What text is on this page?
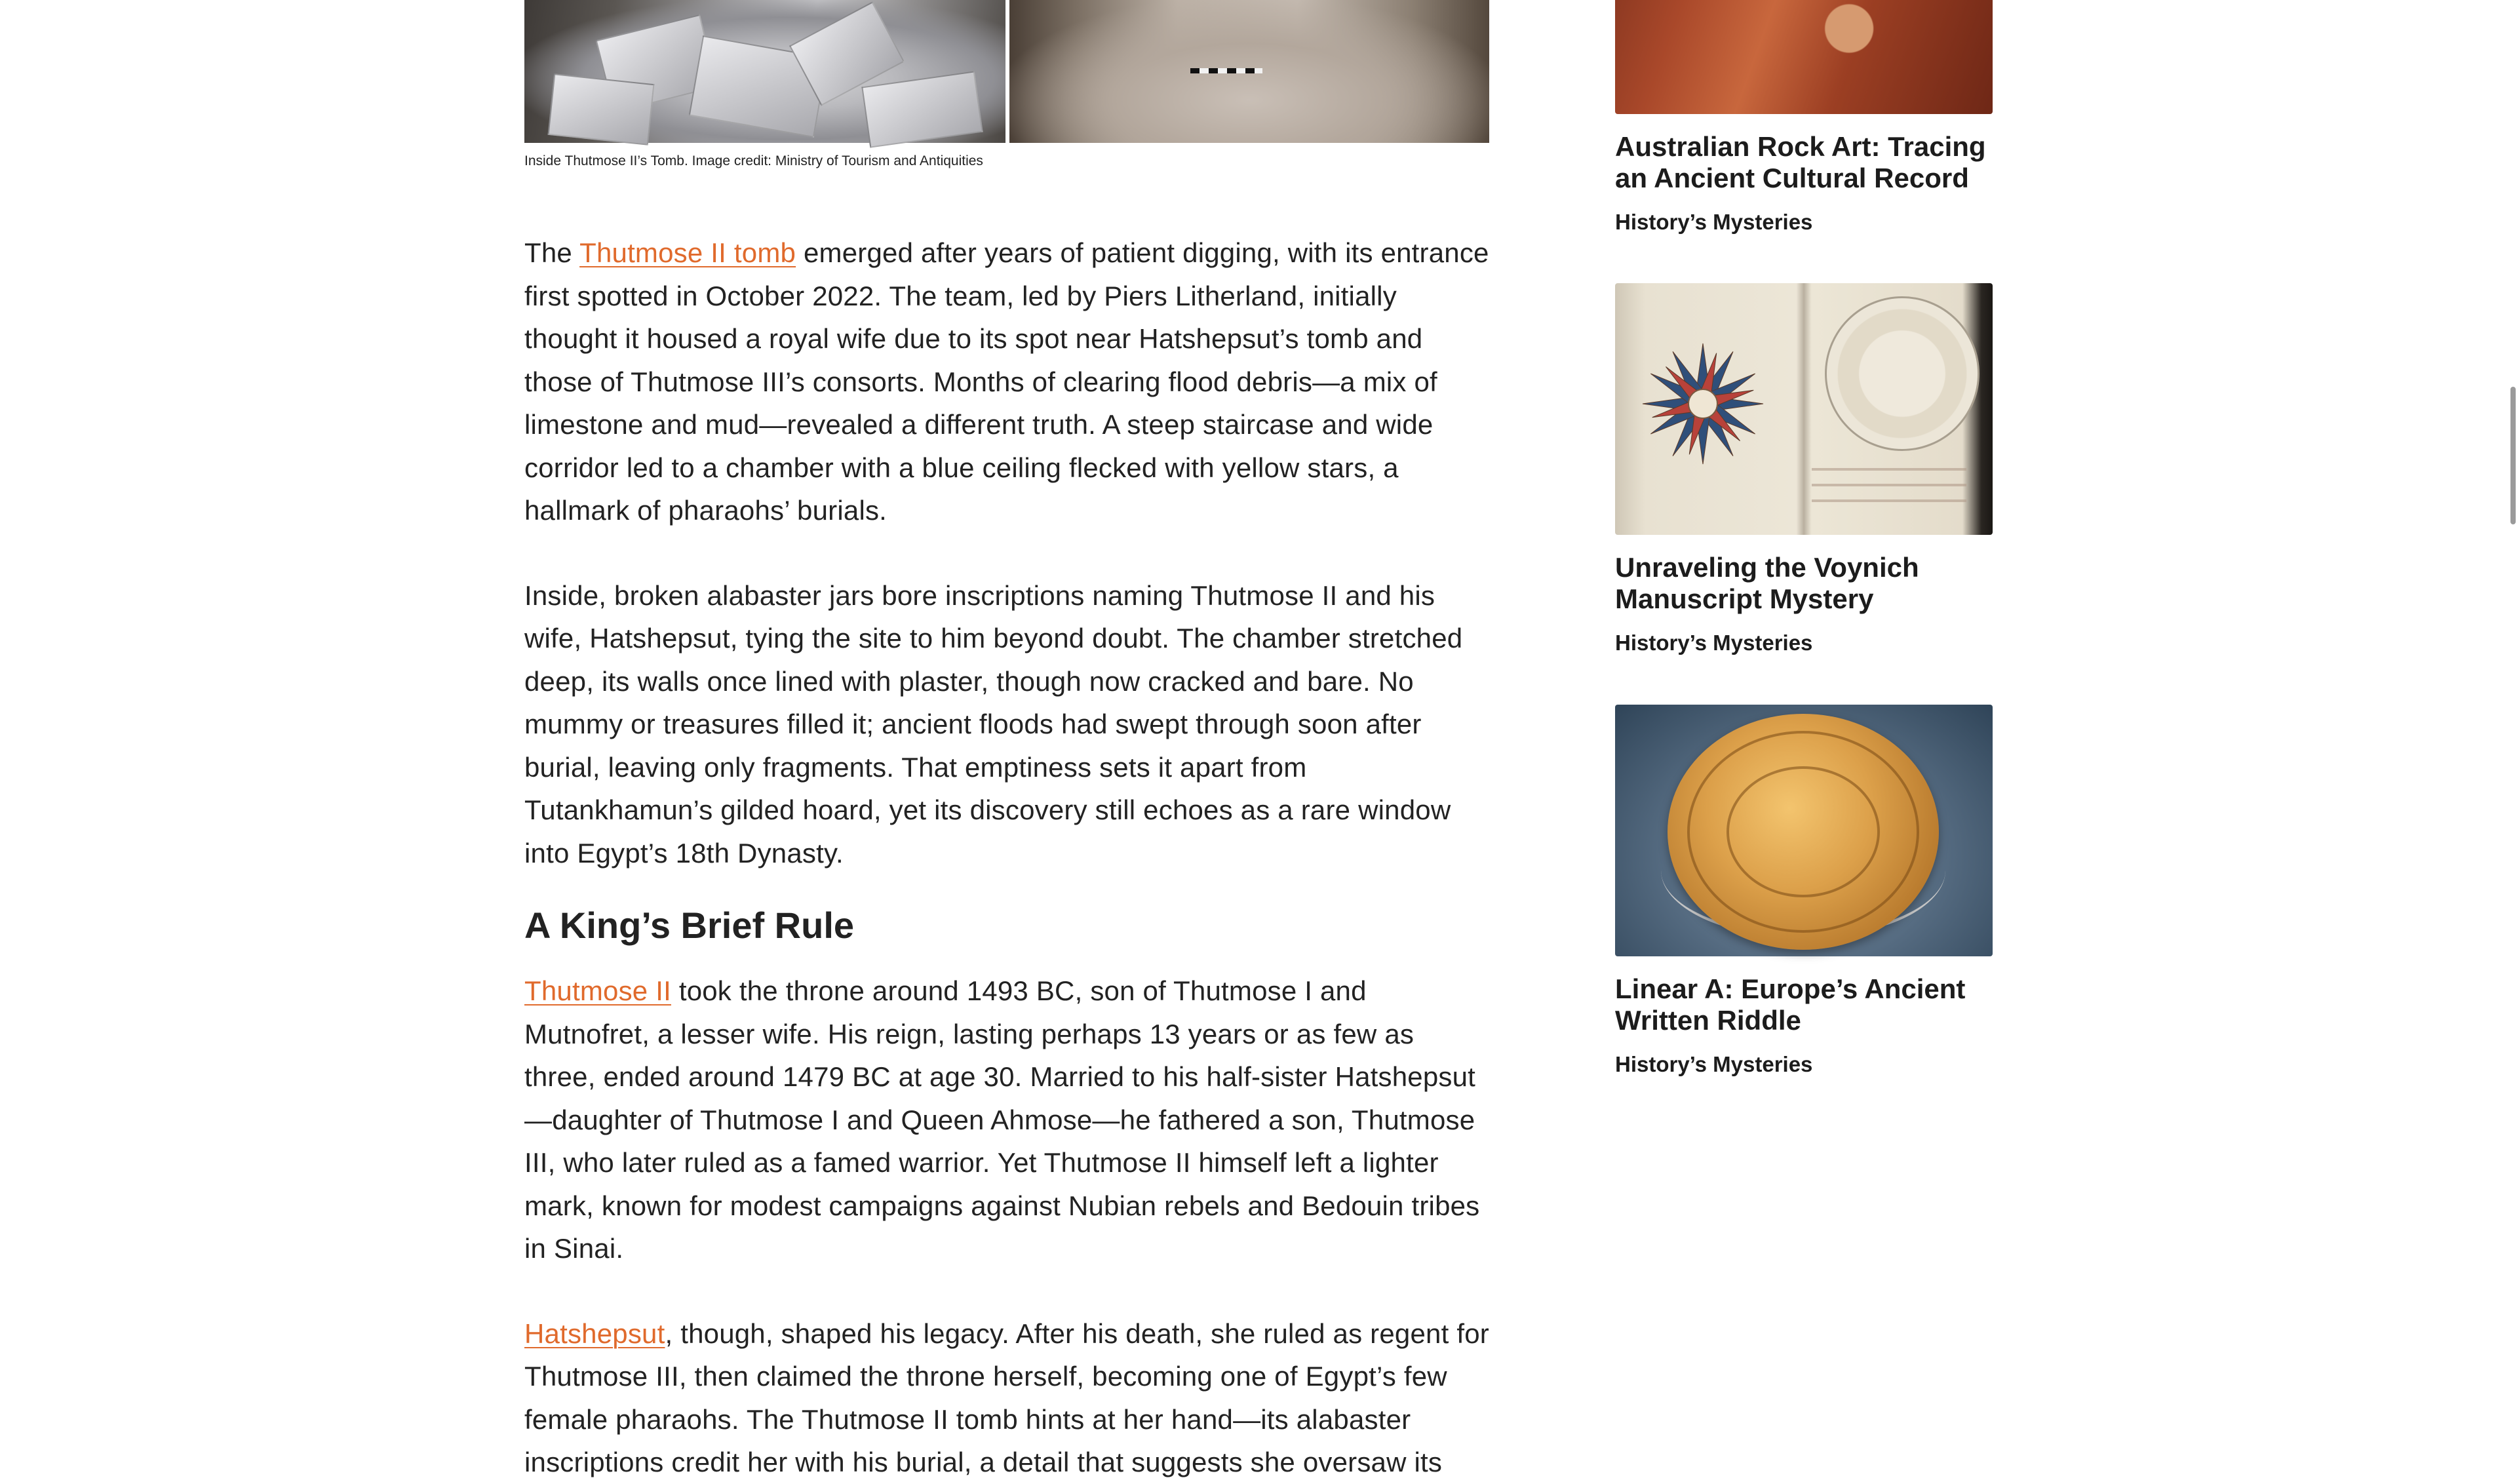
Inside Thutmose II’s Tomb. Image credit: Ministry of Tourism and Antiquities

The Thutmose II tomb emerged after years of patient digging, with its entrance first spotted in October 2022. The team, led by Piers Litherland, initially thought it housed a royal wife due to its spot near Hatshepsut’s tomb and those of Thutmose III’s consorts. Months of clearing flood debris—a mix of limestone and mud—revealed a different truth. A steep staircase and wide corridor led to a chamber with a blue ceiling flecked with yellow stars, a hallmark of pharaohs’ burials.

Inside, broken alabaster jars bore inscriptions naming Thutmose II and his wife, Hatshepsut, tying the site to him beyond doubt. The chamber stretched deep, its walls once lined with plaster, though now cracked and bare. No mummy or treasures filled it; ancient floods had swept through soon after burial, leaving only fragments. That emptiness sets it apart from Tutankhamun’s gilded hoard, yet its discovery still echoes as a rare window into Egypt’s 18th Dynasty.

A King’s Brief Rule

Thutmose II took the throne around 1493 BC, son of Thutmose I and Mutnofret, a lesser wife. His reign, lasting perhaps 13 years or as few as three, ended around 1479 BC at age 30. Married to his half-sister Hatshepsut—daughter of Thutmose I and Queen Ahmose—he fathered a son, Thutmose III, who later ruled as a famed warrior. Yet Thutmose II himself left a lighter mark, known for modest campaigns against Nubian rebels and Bedouin tribes in Sinai.

Hatshepsut, though, shaped his legacy. After his death, she ruled as regent for Thutmose III, then claimed the throne herself, becoming one of Egypt’s few female pharaohs. The Thutmose II tomb hints at her hand—its alabaster inscriptions credit her with his burial, a detail that suggests she oversaw its

Australian Rock Art: Tracing an Ancient Cultural Record
History’s Mysteries
Unraveling the Voynich Manuscript Mystery
History’s Mysteries
Linear A: Europe’s Ancient Written Riddle
History’s Mysteries
